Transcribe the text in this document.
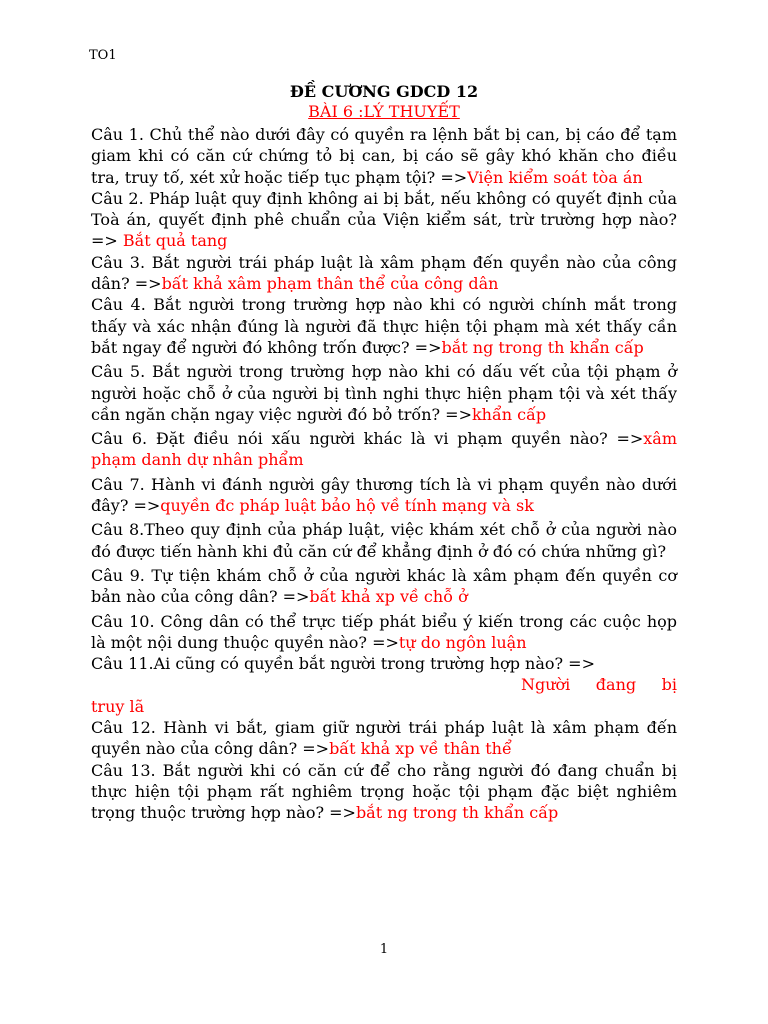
TO1
ĐỀ CƯƠNG GDCD 12
BÀI 6 :LÝ THUYẾT

Câu 1. Chủ thể nào dưới đây có quyền ra lệnh bắt bị can, bị cáo để tạm giam khi có căn cứ chứng tỏ bị can, bị cáo sẽ gây khó khăn cho điều tra, truy tố, xét xử hoặc tiếp tục phạm tội? =>Viện kiểm soát tòa án

Câu 2. Pháp luật quy định không ai bị bắt, nếu không có quyết định của Toà án, quyết định phê chuẩn của Viện kiểm sát, trừ trường hợp nào?=> Bắt quả tang

Câu 3. Bắt người trái pháp luật là xâm phạm đến quyền nào của công dân? =>bất khả xâm phạm thân thể của công dân

Câu 4. Bắt người trong trường hợp nào khi có người chính mắt trong thấy và xác nhận đúng là người đã thực hiện tội phạm mà xét thấy cần bắt ngay để người đó không trốn được? =>bắt ng trong th khẩn cấp

Câu 5. Bắt người trong trường hợp nào khi có dấu vết của tội phạm ở người hoặc chỗ ở của người bị tình nghi thực hiện phạm tội và xét thấy cần ngăn chặn ngay việc người đó bỏ trốn? =>khẩn cấp

Câu 6. Đặt điều nói xấu người khác là vi phạm quyền nào? =>xâm phạm danh dự nhân phẩm

Câu 7. Hành vi đánh người gây thương tích là vi phạm quyền nào dưới đây? =>quyền đc pháp luật bảo hộ về tính mạng và sk

Câu 8.Theo quy định của pháp luật, việc khám xét chỗ ở của người nào đó được tiến hành khi đủ căn cứ để khẳng định ở đó có chứa những gì?

Câu 9. Tự tiện khám chỗ ở của người khác là xâm phạm đến quyền cơ bản nào của công dân? =>bất khả xp về chỗ ở

Câu 10. Công dân có thể trực tiếp phát biểu ý kiến trong các cuộc họp là một nội dung thuộc quyền nào? =>tự do ngôn luận

Câu 11.Ai cũng có quyền bắt người trong trường hợp nào? =>
Người đang bị
truy lã

Câu 12. Hành vi bắt, giam giữ người trái pháp luật là xâm phạm đến quyền nào của công dân? =>bất khả xp về thân thể

Câu 13. Bắt người khi có căn cứ để cho rằng người đó đang chuẩn bị thực hiện tội phạm rất nghiêm trọng hoặc tội phạm đặc biệt nghiêm trọng thuộc trường hợp nào? =>bắt ng trong th khẩn cấp

1
